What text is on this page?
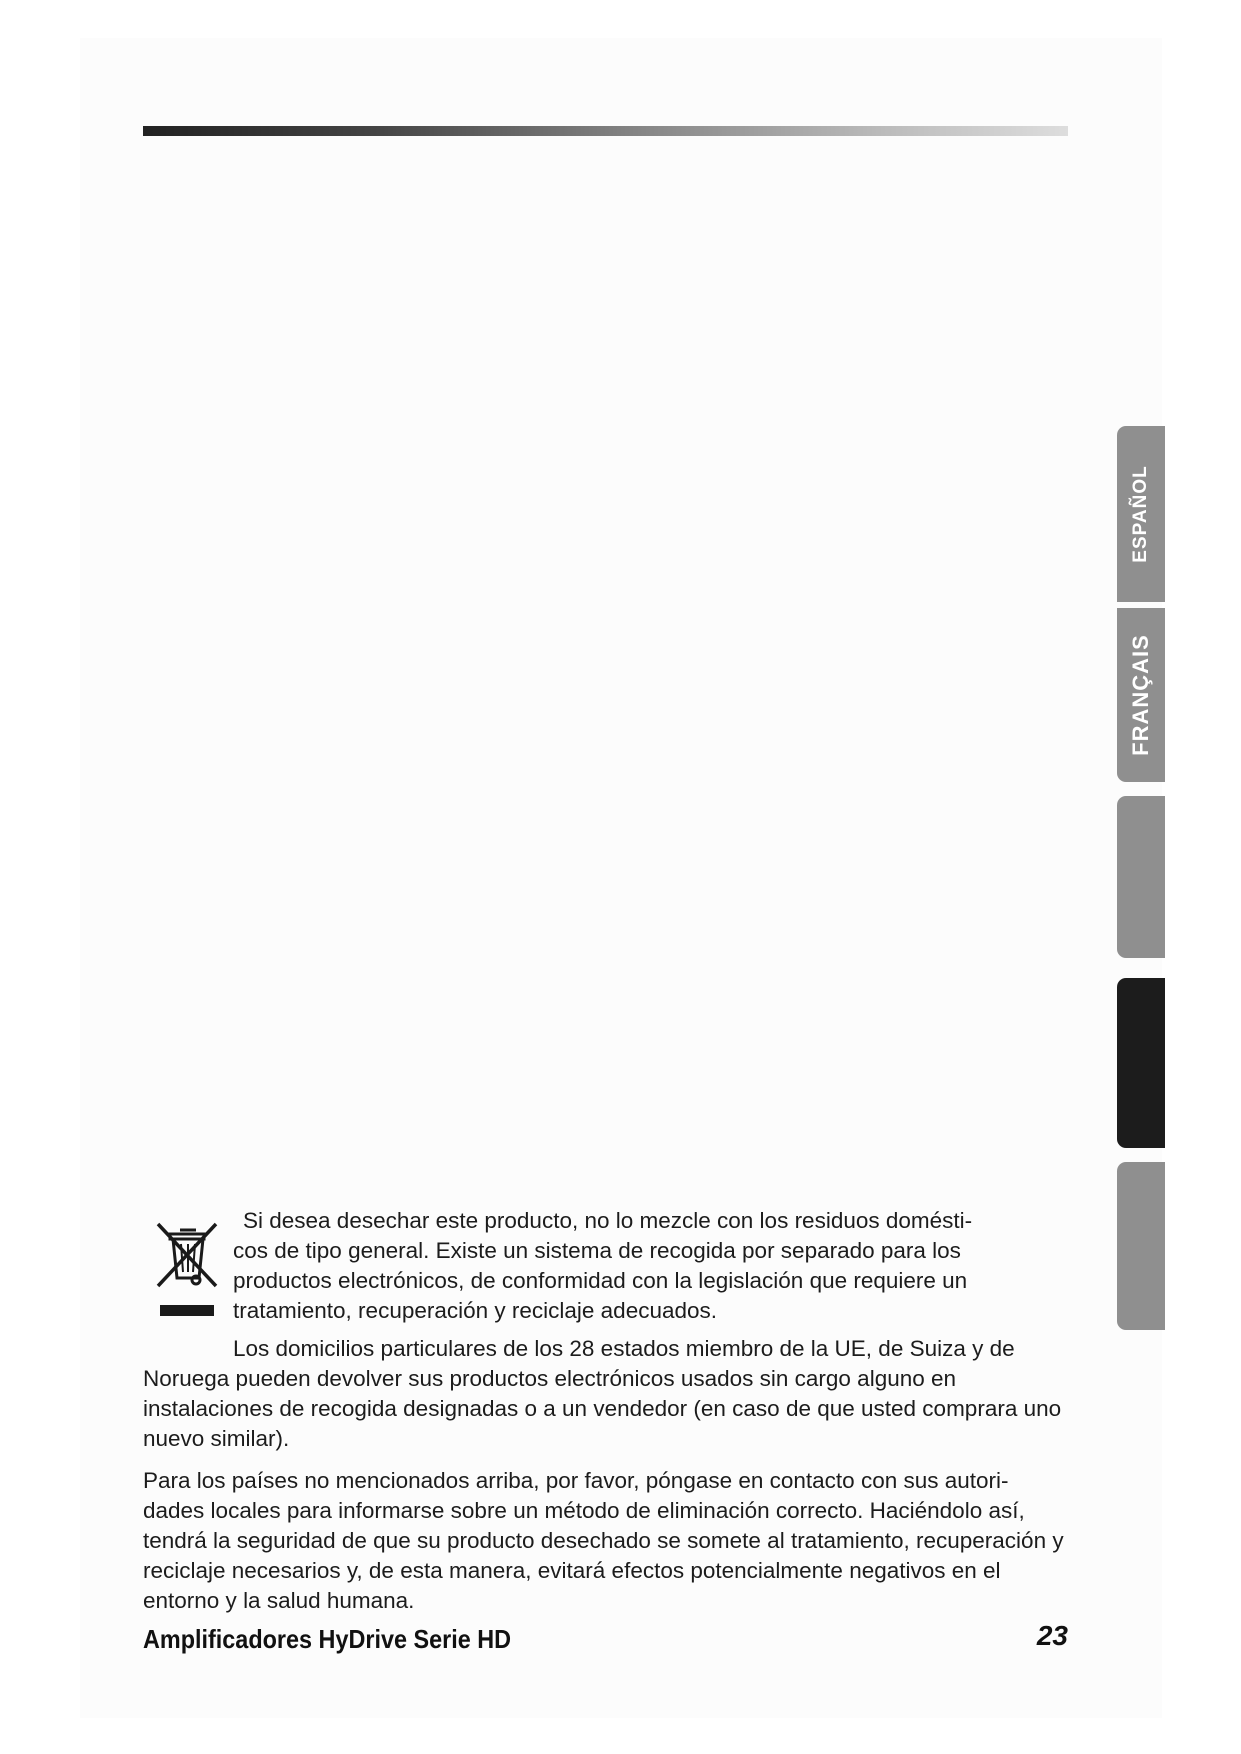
ESPAÑOL
FRANÇAIS
Si desea desechar este producto, no lo mezcle con los residuos domésti-
cos de tipo general. Existe un sistema de recogida por separado para los productos electrónicos, de conformidad con la legislación que requiere un tratamiento, recuperación y reciclaje adecuados.
Los domicilios particulares de los 28 estados miembro de la UE, de Suiza y de Noruega pueden devolver sus productos electrónicos usados sin cargo alguno en instalaciones de recogida designadas o a un vendedor (en caso de que usted comprara uno nuevo similar).
Para los países no mencionados arriba, por favor, póngase en contacto con sus autori-dades locales para informarse sobre un método de eliminación correcto. Haciéndolo así, tendrá la seguridad de que su producto desechado se somete al tratamiento, recuperación y reciclaje necesarios y, de esta manera, evitará efectos potencialmente negativos en el entorno y la salud humana.
Amplificadores HyDrive Serie HD	23
